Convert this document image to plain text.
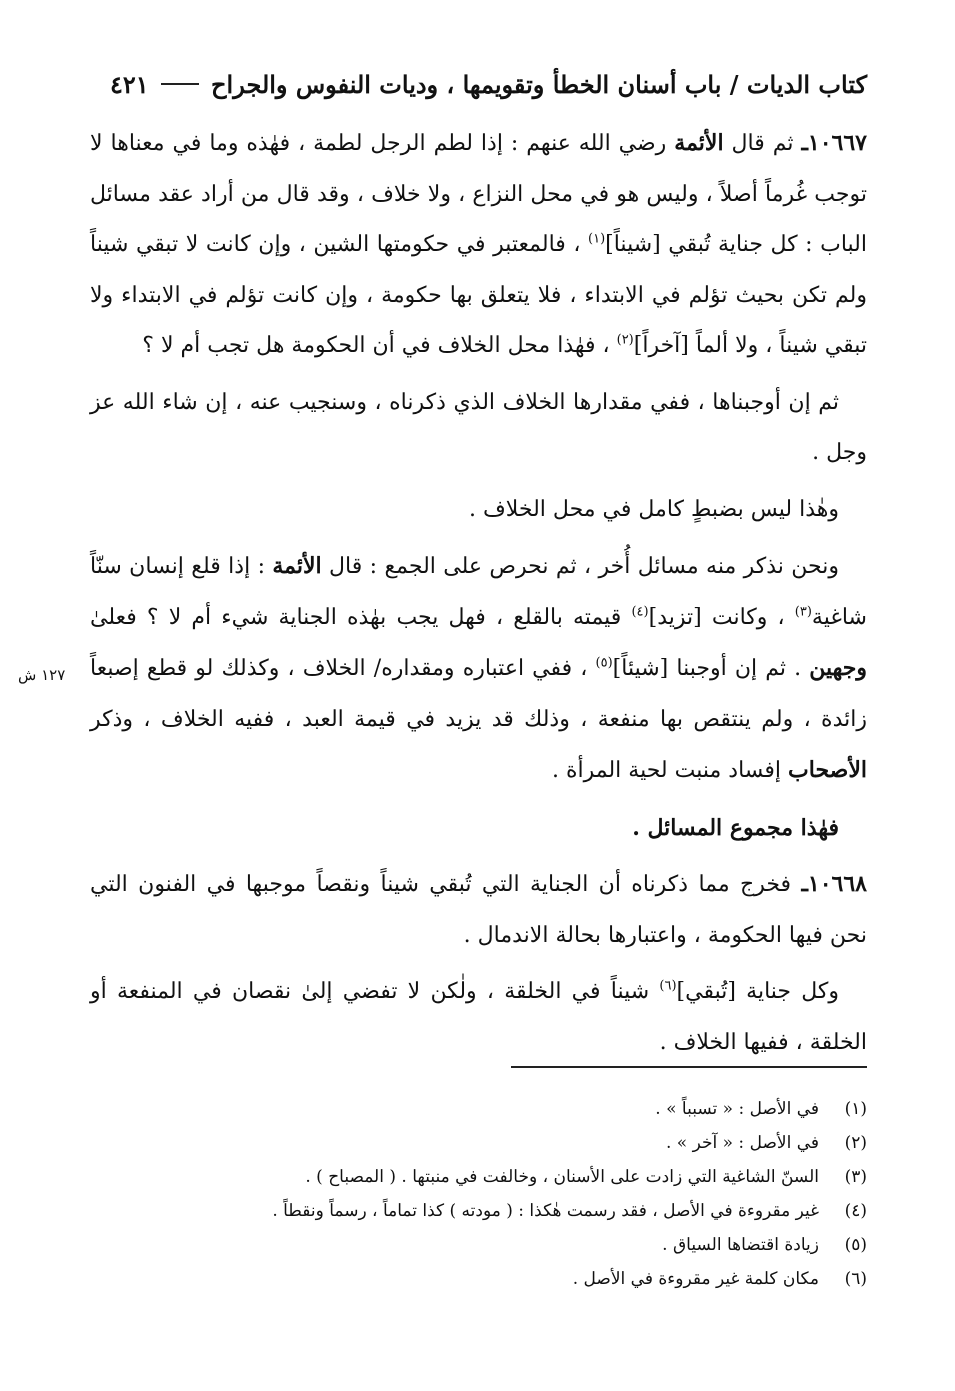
كتاب الديات / باب أسنان الخطأ وتقويمها ، وديات النفوس والجراح
٤٢١

١٠٦٦٧ـ ثم قال الأئمة رضي الله عنهم : إذا لطم الرجل لطمة ، فهٰذه وما في معناها لا توجب غُرماً أصلاً ، وليس هو في محل النزاع ، ولا خلاف ، وقد قال من أراد عقد مسائل الباب : كل جناية تُبقي [شيناً]$^{(١)}$ ، فالمعتبر في حكومتها الشين ، وإن كانت لا تبقي شيناً ولم تكن بحيث تؤلم في الابتداء ، فلا يتعلق بها حكومة ، وإن كانت تؤلم في الابتداء ولا تبقي شيناً ، ولا ألماً [آخراً]$^{(٢)}$ ، فهٰذا محل الخلاف في أن الحكومة هل تجب أم لا ؟

ثم إن أوجبناها ، ففي مقدارها الخلاف الذي ذكرناه ، وسنجيب عنه ، إن شاء الله عز وجل .

وهٰذا ليس بضبطٍ كامل في محل الخلاف .

ونحن نذكر منه مسائل أُخر ، ثم نحرص على الجمع : قال الأئمة : إذا قلع إنسان سنّاً شاغية$^{(٣)}$ ، وكانت [تزيد]$^{(٤)}$ قيمته بالقلع ، فهل يجب بهٰذه الجناية شيء أم لا ؟ فعلىٰ وجهين . ثم إن أوجبنا [شيئاً]$^{(٥)}$ ، ففي اعتباره ومقداره/ الخلاف ، وكذلك لو قطع إصبعاً زائدة ، ولم ينتقص بها منفعة ، وذلك قد يزيد في قيمة العبد ، ففيه الخلاف ، وذكر الأصحاب إفساد منبت لحية المرأة .

فهٰذا مجموع المسائل .

١٠٦٦٨ـ فخرج مما ذكرناه أن الجناية التي تُبقي شيناً ونقصاً موجبها في الفنون التي نحن فيها الحكومة ، واعتبارها بحالة الاندمال .

وكل جناية [تُبقي]$^{(٦)}$ شيناً في الخلقة ، ولٰكن لا تفضي إلىٰ نقصان في المنفعة أو الخلقة ، ففيها الخلاف .

١٢٧ ش
(١)
في الأصل : « تسبباً » .
(٢)
في الأصل : « آخر » .
(٣)
السنّ الشاغية التي زادت على الأسنان ، وخالفت في منبتها . ( المصباح ) .
(٤)
غير مقروءة في الأصل ، فقد رسمت هٰكذا : ( مودته ) كذا تماماً ، رسماً ونقطاً .
(٥)
زيادة اقتضاها السياق .
(٦)
مكان كلمة غير مقروءة في الأصل .
